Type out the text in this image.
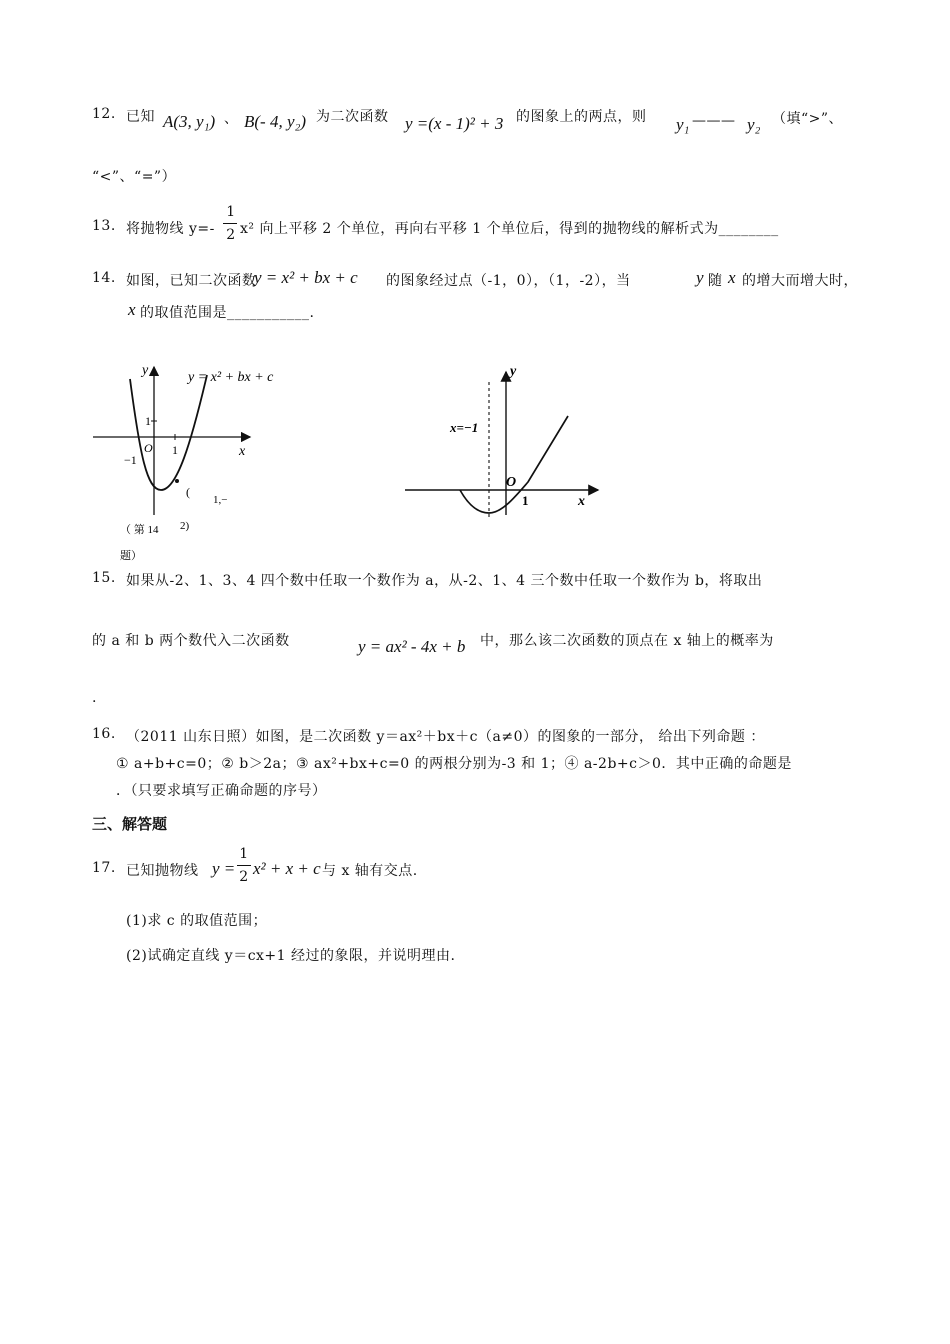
12. 已知 A(3, y₁) 、 B(- 4, y₂) 为二次函数 y =(x - 1)² + 3 的图象上的两点，则 y₁ ——— y₂ （填“>”、
“<”、“=”）
13. 将抛物线 y=-
1
2 x² 向上平移 2 个单位，再向右平移 1 个单位后，得到的抛物线的解析式为________
14. 如图，已知二次函数
y = x² + bx + c 的图象经过点（-1，0），（1，-2），当	y 随 x 的增大而增大时，
x 的取值范围是___________.
y
x
O 1
1
−1
y = x² + bx + c
(
1,−
（ 第 14 2)
题）
y
x
O
1
x=−1
15. 如果从-2、1、3、4 四个数中任取一个数作为 a，从-2、1、4 三个数中任取一个数作为 b，将取出
的 a 和 b 两个数代入二次函数	y = ax² - 4x + b 中，那么该二次函数的顶点在 x 轴上的概率为
.
16. （2011 山东日照）如图，是二次函数 y＝ax²＋bx＋c（a≠0）的图象的一部分， 给出下列命题 ：
① a+b+c=0；② b＞2a；③ ax²+bx+c=0 的两根分别为-3 和 1；④ a-2b+c＞0．其中正确的命题是
．（只要求填写正确命题的序号）
三、解答题
17. 已知抛物线 y =
1
2 x² + x + c 与 x 轴有交点.
(1)求 c 的取值范围；
(2)试确定直线 y＝cx+1 经过的象限，并说明理由.
